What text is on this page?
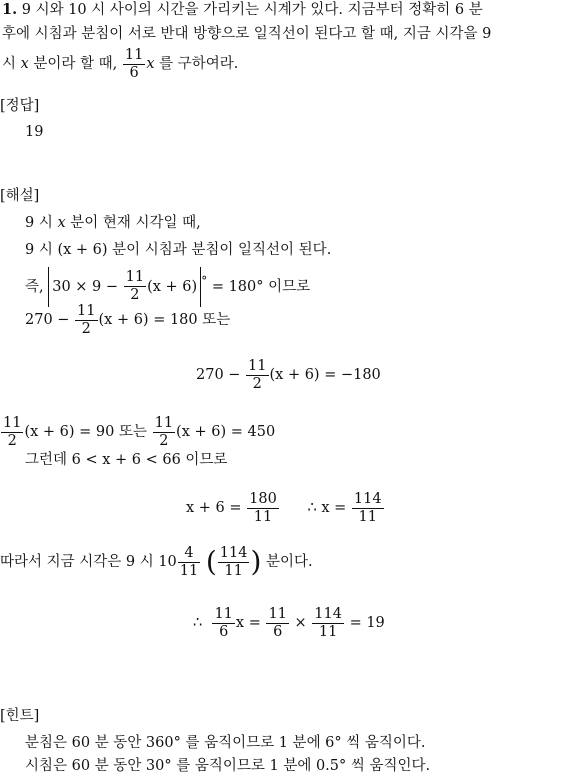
1. 9 시와 10 시 사이의 시간을 가리키는 시계가 있다. 지금부터 정확히 6 분
후에 시침과 분침이 서로 반대 방향으로 일직선이 된다고 할 때, 지금 시각을 9
시 x 분이라 할 때, $\frac{11}{6}$ x 를 구하여라.
[정답]
19
[해설]
9 시 x 분이 현재 시각일 때,
9 시 (x + 6) 분이 시침과 분침이 일직선이 된다.
즉, $30 \times 9 - \frac{11}{2} (x + 6) ^\circ = 180^\circ$ 이므로
$270 - \frac{11}{2} (x + 6) = 180$ 또는
$270 - \frac{11}{2} (x + 6) = -180$
$\frac{11}{2} (x + 6) = 90$ 또는 $\frac{11}{2} (x + 6) = 450$
그런데 6 < x + 6 < 66 이므로
$x + 6 = \frac{180}{11}$ ∴ $x = \frac{114}{11}$
따라서 지금 시각은 9 시 $10 \frac{4}{11}$ ( $\frac{114}{11}$ ) 분이다.
∴ $\frac{11}{6}$ $x = \frac{11}{6} \times \frac{114}{11} = 19$
[힌트]
분침은 60 분 동안 360° 를 움직이므로 1 분에 6° 씩 움직이다.
시침은 60 분 동안 30° 를 움직이므로 1 분에 0.5° 씩 움직인다.
